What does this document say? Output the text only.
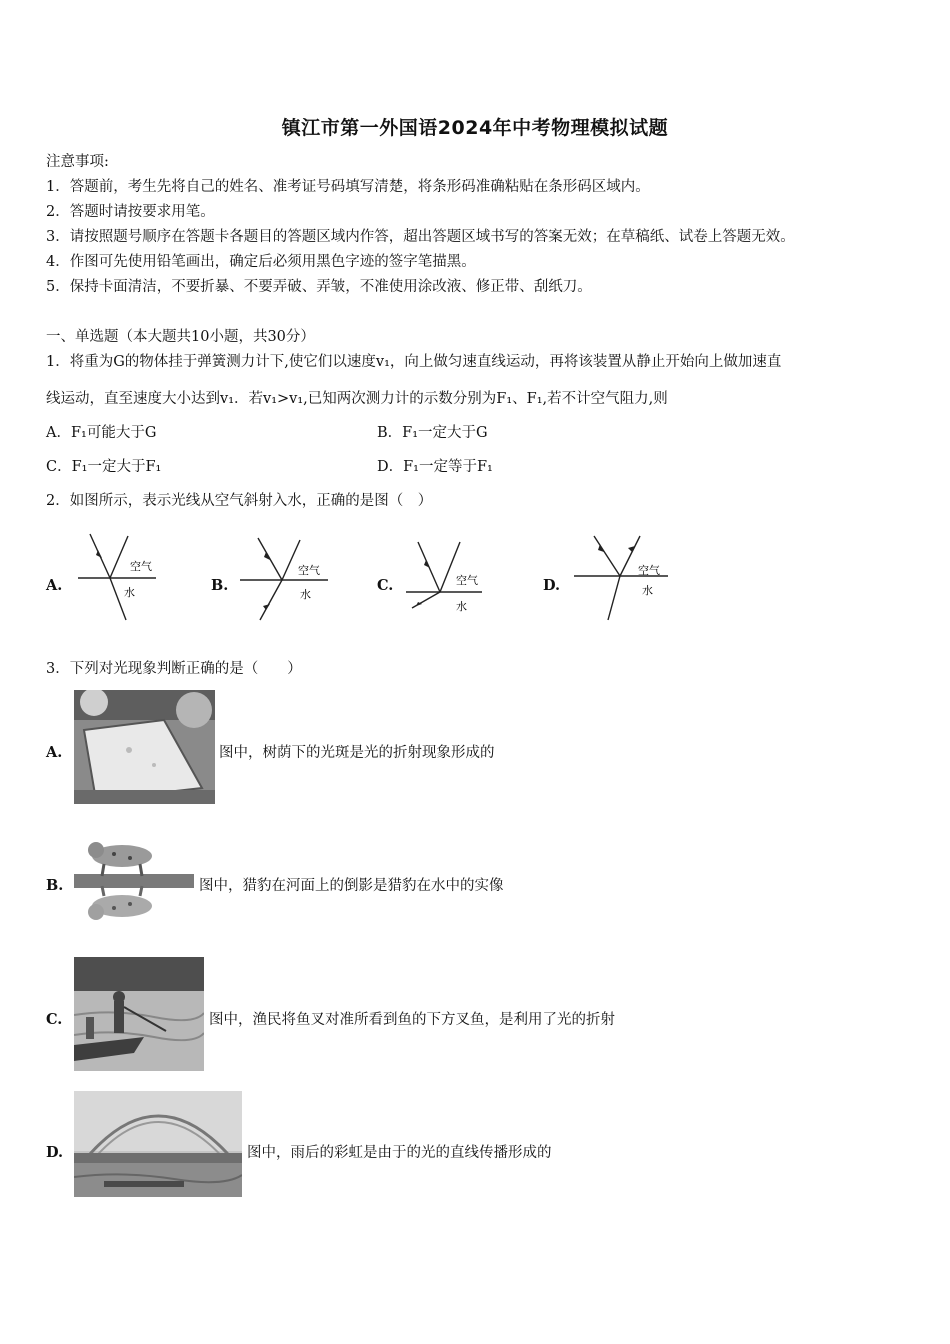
镇江市第一外国语2024年中考物理模拟试题
注意事项:
1．答题前，考生先将自己的姓名、准考证号码填写清楚，将条形码准确粘贴在条形码区域内。
2．答题时请按要求用笔。
3．请按照题号顺序在答题卡各题目的答题区域内作答，超出答题区域书写的答案无效；在草稿纸、试卷上答题无效。
4．作图可先使用铅笔画出，确定后必须用黑色字迹的签字笔描黑。
5．保持卡面清洁，不要折暴、不要弄破、弄皱，不准使用涂改液、修正带、刮纸刀。
一、单选题（本大题共10小题，共30分）
1．将重为G的物体挂于弹簧测力计下,使它们以速度v₁，向上做匀速直线运动，再将该装置从静止开始向上做加速直
线运动，直至速度大小达到v₁．若v₁>v₁,已知两次测力计的示数分别为F₁、F₁,若不计空气阻力,则
A．F₁可能大于G	B．F₁一定大于G
C．F₁一定大于F₁	D．F₁一定等于F₁
2．如图所示，表示光线从空气斜射入水，正确的是图（　）
A.
空气
水	B.
空气
水
C.	空气
水
D.
空气
水
3．下列对光现象判断正确的是（　　）
A.	图中，树荫下的光斑是光的折射现象形成的
B.	图中，猎豹在河面上的倒影是猎豹在水中的实像
C.	图中，渔民将鱼叉对准所看到鱼的下方叉鱼，是利用了光的折射
D.	图中，雨后的彩虹是由于的光的直线传播形成的
